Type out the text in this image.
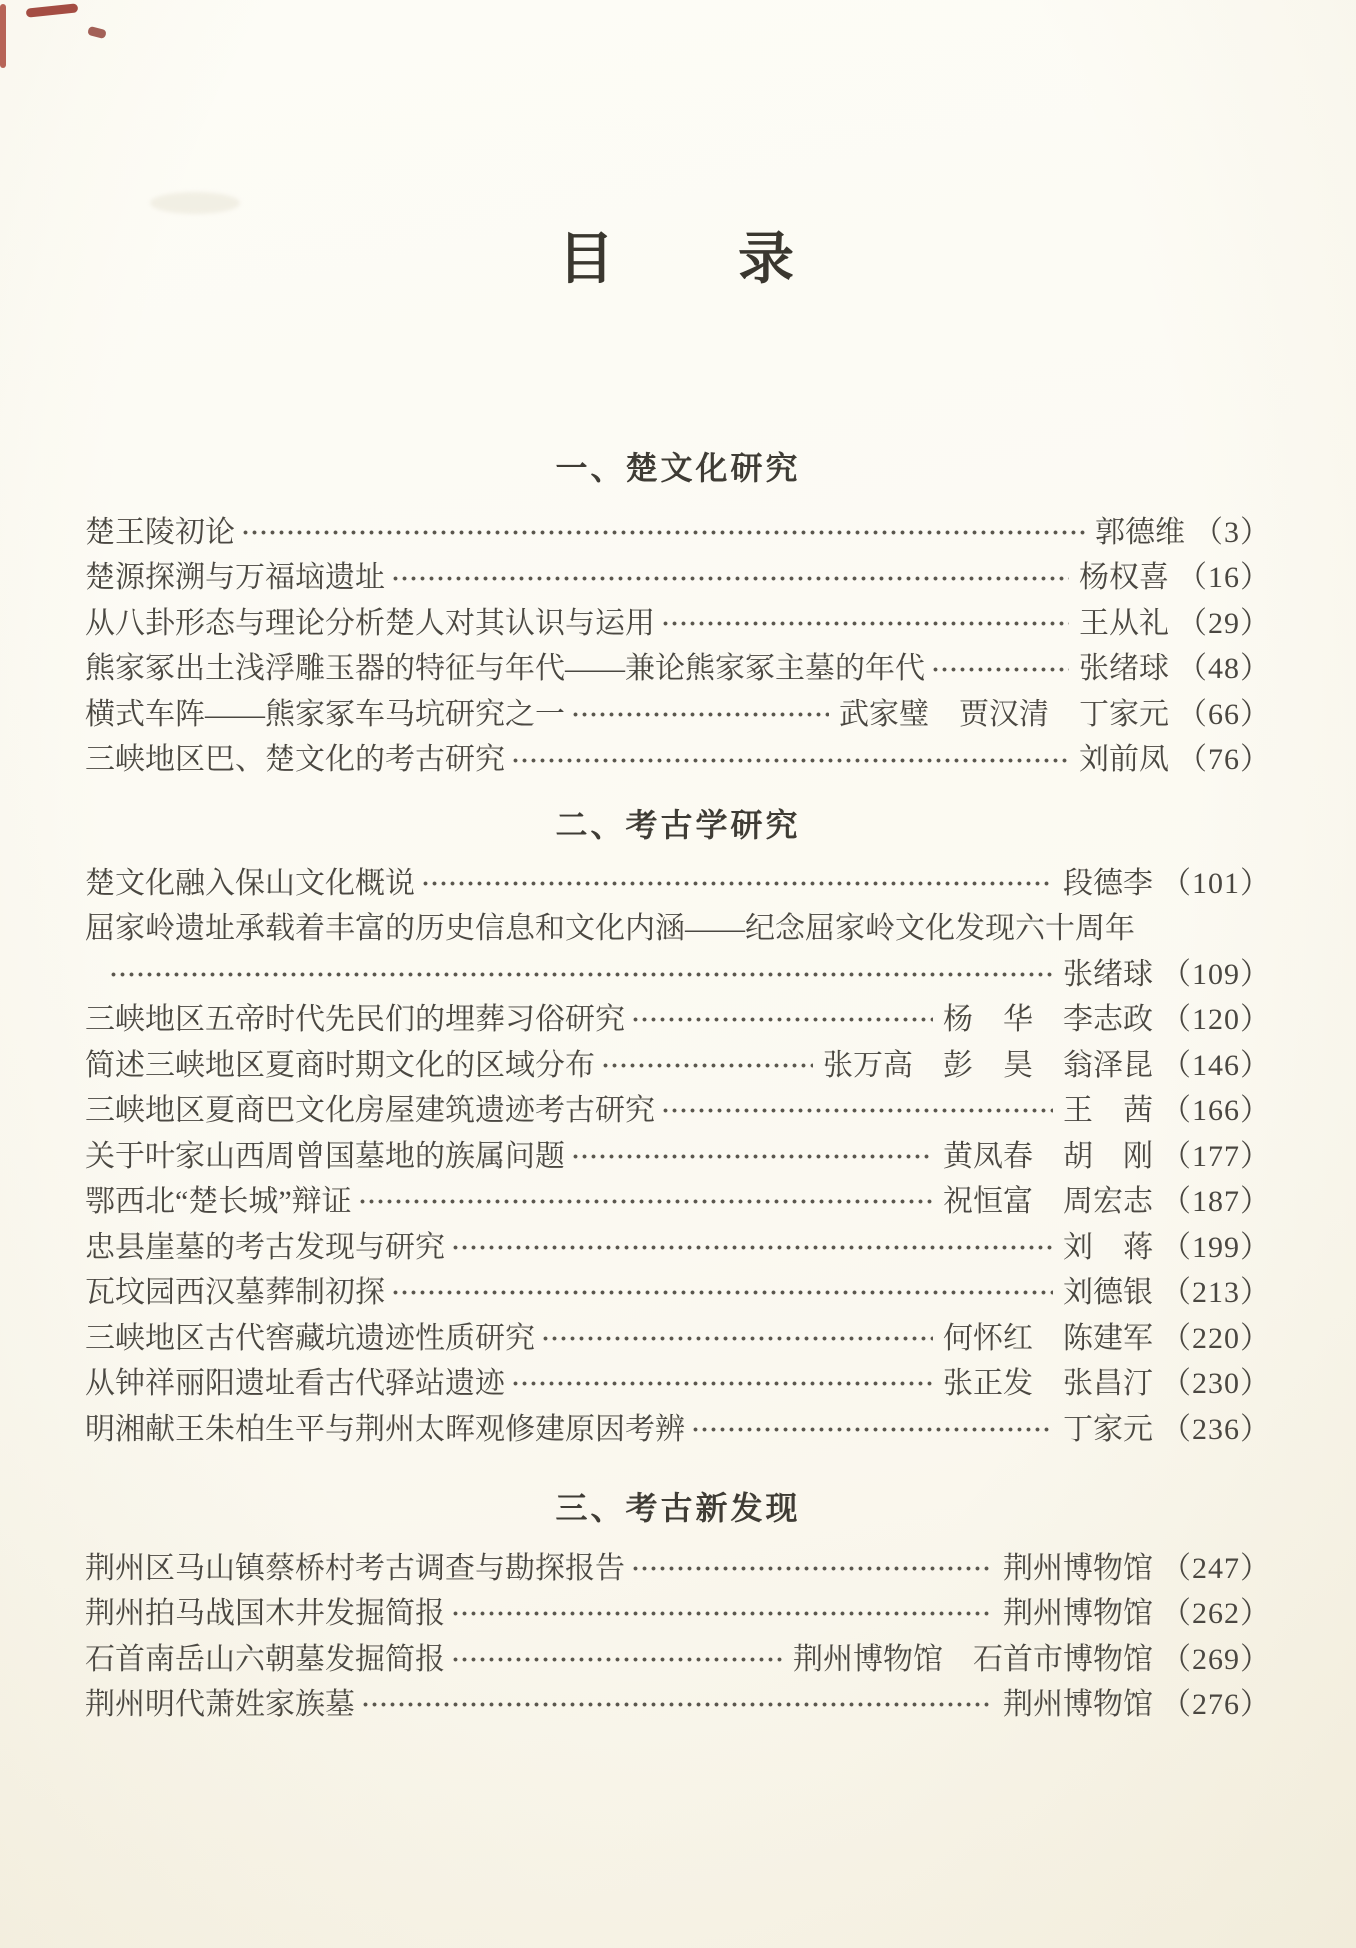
目　　录
一、楚文化研究
楚王陵初论	郭德维 （3）
楚源探溯与万福垴遗址	杨权喜 （16）
从八卦形态与理论分析楚人对其认识与运用	王从礼 （29）
熊家冢出土浅浮雕玉器的特征与年代——兼论熊家冢主墓的年代	张绪球 （48）
横式车阵——熊家冢车马坑研究之一	武家璧　贾汉清　丁家元 （66）
三峡地区巴、楚文化的考古研究	刘前凤 （76）
二、考古学研究
楚文化融入保山文化概说	段德李 （101）
屈家岭遗址承载着丰富的历史信息和文化内涵——纪念屈家岭文化发现六十周年
张绪球 （109）
三峡地区五帝时代先民们的埋葬习俗研究	杨　华　李志政 （120）
简述三峡地区夏商时期文化的区域分布	张万高　彭　昊　翁泽昆 （146）
三峡地区夏商巴文化房屋建筑遗迹考古研究	王　茜 （166）
关于叶家山西周曾国墓地的族属问题	黄凤春　胡　刚 （177）
鄂西北“楚长城”辩证	祝恒富　周宏志 （187）
忠县崖墓的考古发现与研究	刘　蒋 （199）
瓦坟园西汉墓葬制初探	刘德银 （213）
三峡地区古代窖藏坑遗迹性质研究	何怀红　陈建军 （220）
从钟祥丽阳遗址看古代驿站遗迹	张正发　张昌汀 （230）
明湘献王朱柏生平与荆州太晖观修建原因考辨	丁家元 （236）
三、考古新发现
荆州区马山镇蔡桥村考古调查与勘探报告	荆州博物馆 （247）
荆州拍马战国木井发掘简报	荆州博物馆 （262）
石首南岳山六朝墓发掘简报	荆州博物馆　石首市博物馆 （269）
荆州明代萧姓家族墓	荆州博物馆 （276）
